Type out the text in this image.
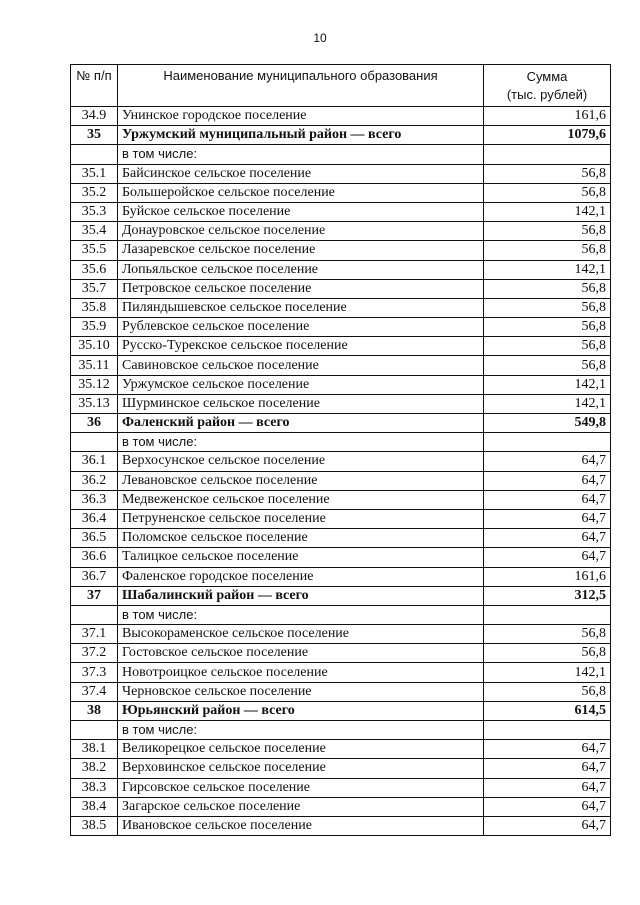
10
№ п/п	Наименование муниципального образования	Сумма
(тыс. рублей)

34.9	Унинское городское поселение	161,6
35	Уржумский муниципальный район — всего	1079,6
	в том числе:	
35.1	Байсинское сельское поселение	56,8
35.2	Большеройское сельское поселение	56,8
35.3	Буйское сельское поселение	142,1
35.4	Донауровское сельское поселение	56,8
35.5	Лазаревское сельское поселение	56,8
35.6	Лопьяльское сельское поселение	142,1
35.7	Петровское сельское поселение	56,8
35.8	Пиляндышевское сельское поселение	56,8
35.9	Рублевское сельское поселение	56,8
35.10	Русско-Турекское сельское поселение	56,8
35.11	Савиновское сельское поселение	56,8
35.12	Уржумское сельское поселение	142,1
35.13	Шурминское сельское поселение	142,1
36	Фаленский район — всего	549,8
	в том числе:	
36.1	Верхосунское сельское поселение	64,7
36.2	Левановское сельское поселение	64,7
36.3	Медвеженское сельское поселение	64,7
36.4	Петруненское сельское поселение	64,7
36.5	Поломское сельское поселение	64,7
36.6	Талицкое сельское поселение	64,7
36.7	Фаленское городское поселение	161,6
37	Шабалинский район — всего	312,5
	в том числе:	
37.1	Высокораменское сельское поселение	56,8
37.2	Гостовское сельское поселение	56,8
37.3	Новотроицкое сельское поселение	142,1
37.4	Черновское сельское поселение	56,8
38	Юрьянский район — всего	614,5
	в том числе:	
38.1	Великорецкое сельское поселение	64,7
38.2	Верховинское сельское поселение	64,7
38.3	Гирсовское сельское поселение	64,7
38.4	Загарское сельское поселение	64,7
38.5	Ивановское сельское поселение	64,7
